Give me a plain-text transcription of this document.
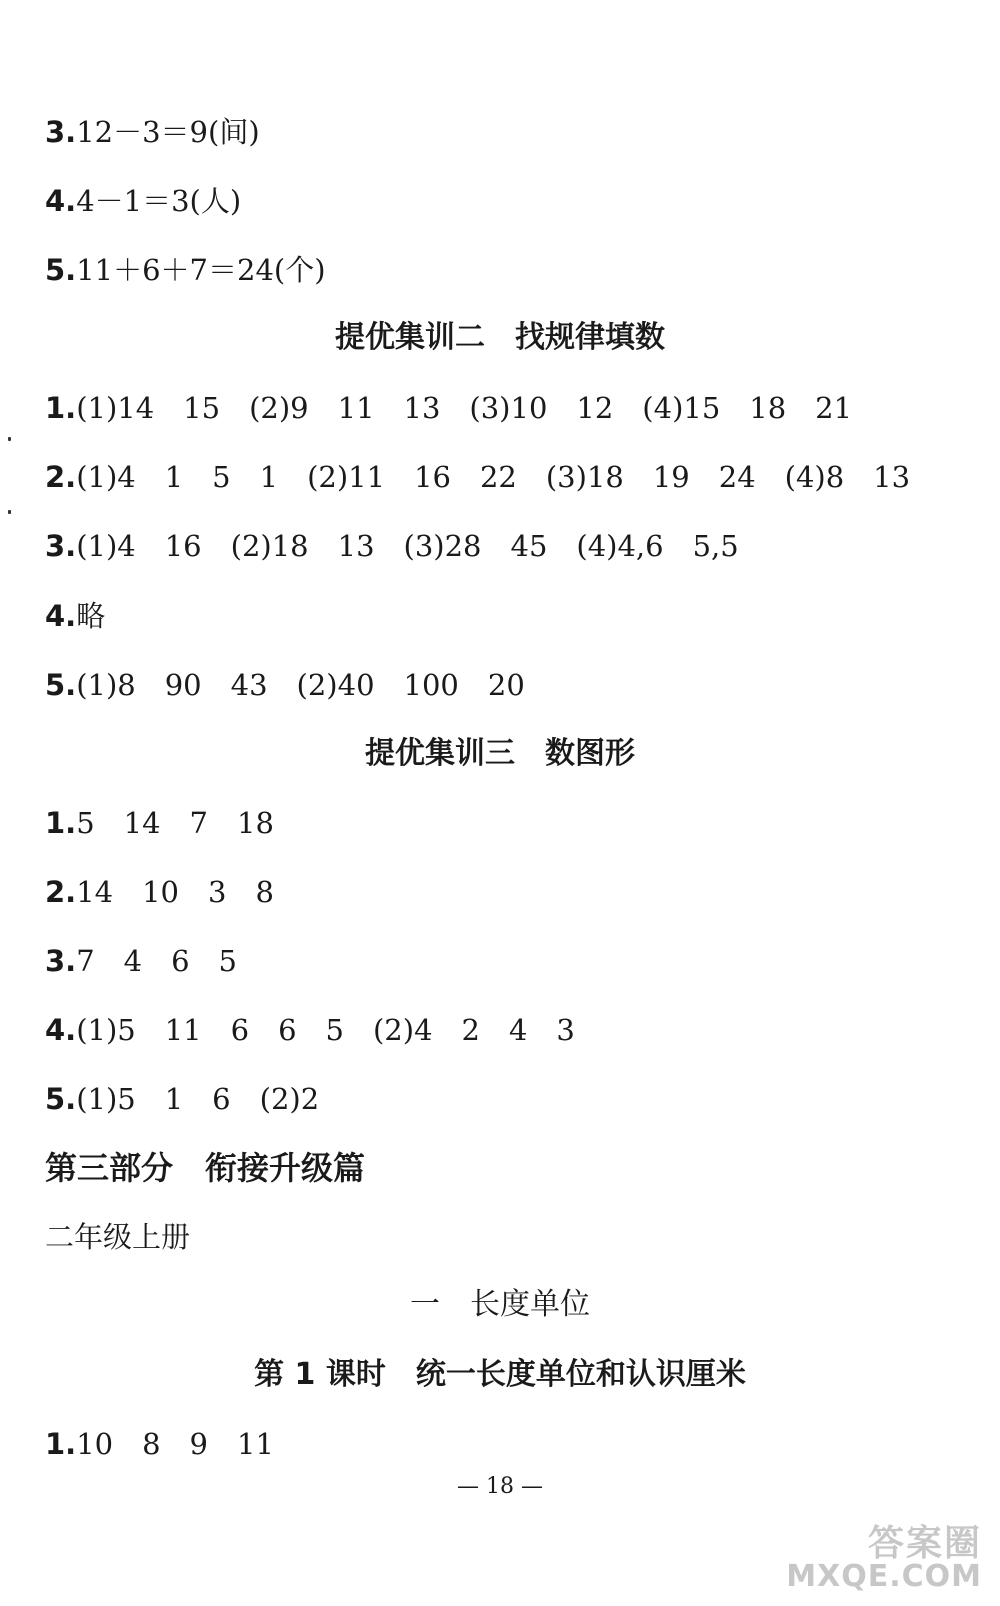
3.12－3＝9(间)
4.4－1＝3(人)
5.11＋6＋7＝24(个)
提优集训二　找规律填数
1.(1)14　15　(2)9　11　13　(3)10　12　(4)15　18　21
2.(1)4　1　5　1　(2)11　16　22　(3)18　19　24　(4)8　13
3.(1)4　16　(2)18　13　(3)28　45　(4)4,6　5,5
4.略
5.(1)8　90　43　(2)40　100　20
提优集训三　数图形
1.5　14　7　18
2.14　10　3　8
3.7　4　6　5
4.(1)5　11　6　6　5　(2)4　2　4　3
5.(1)5　1　6　(2)2
第三部分　衔接升级篇
二年级上册
一　长度单位
第 1 课时　统一长度单位和认识厘米
1.10　8　9　11
— 18 —
答案圈
MXQE.COM
